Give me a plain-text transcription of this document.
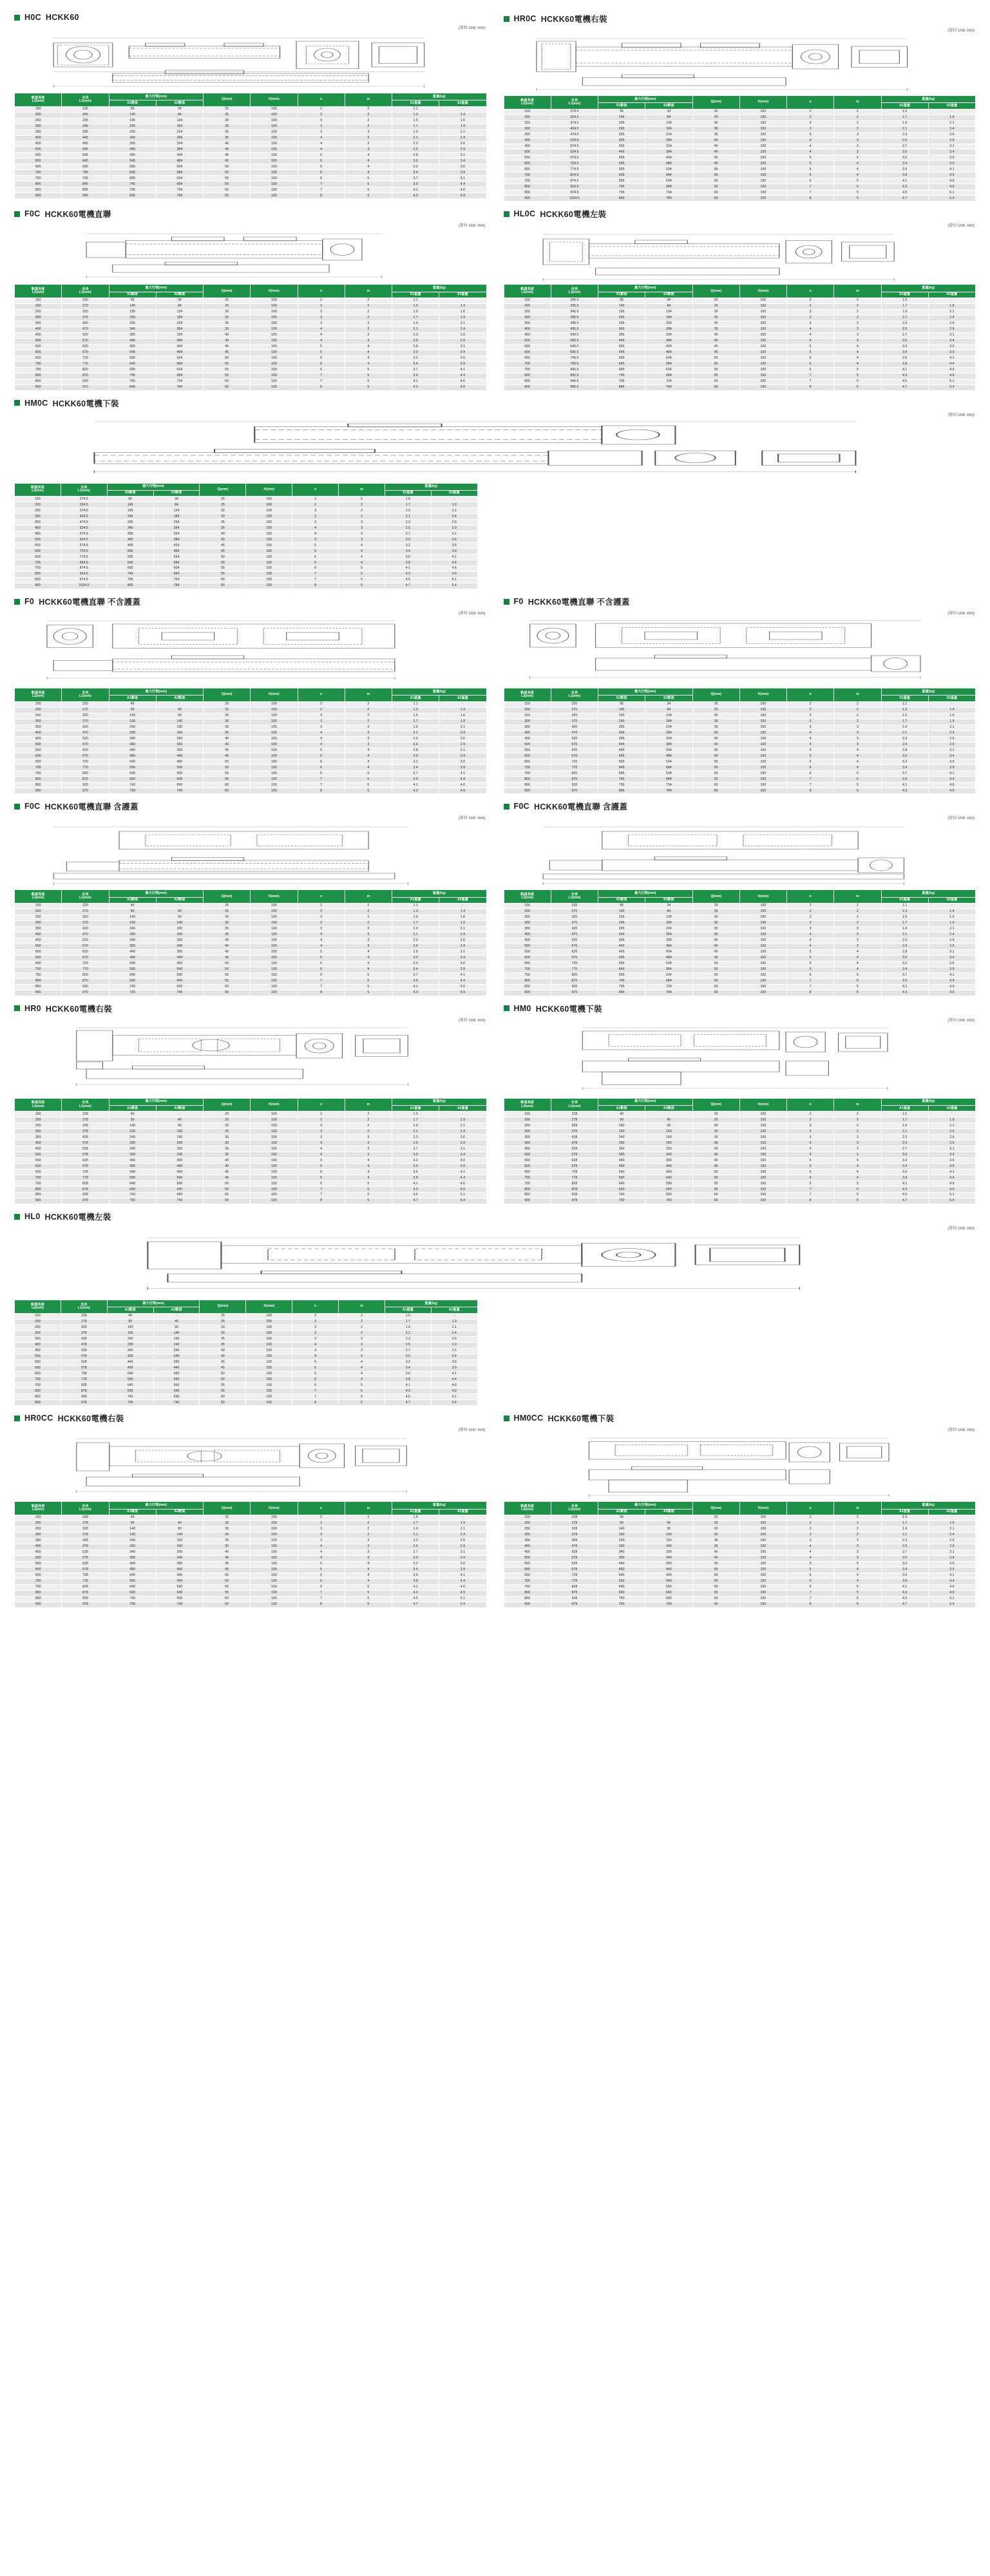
H0C HCKK60
(單位 Unit: mm)
軌道長度
L2(mm)	全長
L1(mm)	最大行程(mm)		Q(mm)	K(mm)	n	m	重量(kg)	
		S1數值	S2數值					S1重量	S2重量
150	195	95	34	25	100	2	2	1.1	-
200	245	145	84	25	100	2	2	1.3	1.4
250	295	195	134	30	100	3	2	1.5	1.6
300	345	245	184	30	100	3	2	1.7	1.9
350	395	295	234	35	100	3	3	1.9	2.1
400	445	345	284	35	100	4	3	2.1	2.4
450	495	395	334	40	100	4	3	2.3	2.6
500	545	445	384	40	100	4	3	2.6	2.9
550	595	495	434	45	100	5	4	2.8	3.1
600	645	545	484	45	100	5	4	3.0	3.4
650	695	595	534	50	100	6	4	3.2	3.6
700	745	645	584	50	100	6	4	3.4	3.9
750	795	695	634	55	100	6	5	3.7	4.1
800	845	745	684	55	100	7	5	3.9	4.4
850	895	795	734	60	100	7	5	4.1	4.6
900	945	845	784	60	100	8	5	4.3	4.9
HR0C HCKK60電機右裝
(單位 Unit: mm)
軌道長度
L2(mm)	全長
L1(mm)	最大行程(mm)		Q(mm)	K(mm)	n	m	重量(kg)	
		S1數值	S2數值					S1重量	S2重量
150	274.5	95	34	25	100	2	2	1.5	-
200	324.5	145	84	25	100	2	2	1.7	1.9
250	374.5	195	134	30	100	3	2	1.9	2.1
300	424.5	245	184	30	100	3	2	2.1	2.4
350	474.5	295	234	35	100	3	3	2.3	2.6
400	524.5	345	284	35	100	4	3	2.5	2.9
450	574.5	395	334	40	100	4	3	2.7	3.1
500	624.5	445	384	40	100	4	3	3.0	3.4
550	674.5	495	434	45	100	5	4	3.2	3.6
600	724.5	545	484	45	100	5	4	3.4	3.9
650	774.5	595	534	50	100	6	4	3.6	4.1
700	824.5	645	584	50	100	6	4	3.8	4.4
750	874.5	695	634	55	100	6	5	4.1	4.6
800	924.5	745	684	55	100	7	5	4.3	4.9
850	974.5	795	734	60	100	7	5	4.5	5.1
900	1024.5	845	784	60	100	8	5	4.7	5.4
F0C HCKK60電機直聯
(單位 Unit: mm)
軌道長度
L2(mm)	全長
L1(mm)	最大行程(mm)		Q(mm)	K(mm)	n	m	重量(kg)	
		S1數值	S2數值					S1重量	S2重量
150	220	95	34	25	100	2	2	1.1	-
200	270	145	84	25	100	2	2	1.3	1.4
250	320	195	134	30	100	3	2	1.5	1.6
300	370	245	184	30	100	3	2	1.7	1.9
350	420	295	234	35	100	3	3	1.9	2.1
400	470	345	284	35	100	4	3	2.1	2.4
450	520	395	334	40	100	4	3	2.3	2.6
500	570	445	384	40	100	4	3	2.6	2.9
550	620	495	434	45	100	5	4	2.8	3.1
600	670	545	484	45	100	5	4	3.0	3.4
650	720	595	534	50	100	6	4	3.2	3.6
700	770	645	584	50	100	6	4	3.4	3.9
750	820	695	634	55	100	6	5	3.7	4.1
800	870	745	684	55	100	7	5	3.9	4.4
850	920	795	734	60	100	7	5	4.1	4.6
900	970	845	784	60	100	8	5	4.3	4.9
HL0C HCKK60電機左裝
(單位 Unit: mm)
軌道長度
L2(mm)	全長
L1(mm)	最大行程(mm)		Q(mm)	K(mm)	n	m	重量(kg)	
		S1數值	S2數值					S1重量	S2重量
150	245.5	95	34	25	100	2	2	1.5	-
200	295.5	145	84	25	100	2	2	1.7	1.9
250	345.5	195	134	30	100	3	2	1.9	2.1
300	395.5	245	184	30	100	3	2	2.1	2.4
350	445.5	295	234	35	100	3	3	2.3	2.6
400	495.5	345	284	35	100	4	3	2.5	2.9
450	545.5	395	334	40	100	4	3	2.7	3.1
500	595.5	445	384	40	100	4	3	3.0	3.4
550	645.5	495	434	45	100	5	4	3.2	3.6
600	695.5	545	484	45	100	5	4	3.4	3.9
650	745.5	595	534	50	100	6	4	3.6	4.1
700	795.5	645	584	50	100	6	4	3.8	4.4
750	845.5	695	634	55	100	6	5	4.1	4.6
800	895.5	745	684	55	100	7	5	4.3	4.9
850	945.5	795	734	60	100	7	5	4.5	5.1
900	995.5	845	784	60	100	8	5	4.7	5.4
HM0C HCKK60電機下裝
(單位 Unit: mm)
軌道長度
L2(mm)	全長
L1(mm)	最大行程(mm)		Q(mm)	K(mm)	n	m	重量(kg)	
		S1數值	S2數值					S1重量	S2重量
150	274.5	95	34	25	100	2	2	1.5	-
200	324.5	145	84	25	100	2	2	1.7	1.9
250	374.5	195	134	30	100	3	2	1.9	2.1
300	424.5	245	184	30	100	3	2	2.1	2.4
350	474.5	295	234	35	100	3	3	2.3	2.6
400	524.5	345	284	35	100	4	3	2.5	2.9
450	574.5	395	334	40	100	4	3	2.7	3.1
500	624.5	445	384	40	100	4	3	3.0	3.4
550	674.5	495	434	45	100	5	4	3.2	3.6
600	724.5	545	484	45	100	5	4	3.4	3.9
650	774.5	595	534	50	100	6	4	3.6	4.1
700	824.5	645	584	50	100	6	4	3.8	4.4
750	874.5	695	634	55	100	6	5	4.1	4.6
800	924.5	745	684	55	100	7	5	4.3	4.9
850	974.5	795	734	60	100	7	5	4.5	5.1
900	1024.5	845	784	60	100	8	5	4.7	5.4
F0 HCKK60電機直聯 不含護蓋
(單位 Unit: mm)
軌道長度
L2(mm)	全長
L1(mm)	最大行程(mm)		Q(mm)	K(mm)	n	m	重量(kg)	
		A1數值	A2數值					A1重量	A2重量
150	220	40	-	25	100	2	2	1.1	-
200	270	90	40	25	100	2	2	1.3	1.4
250	320	140	90	30	100	3	2	1.5	1.6
300	370	190	140	30	100	3	2	1.7	1.9
350	420	240	190	35	100	3	3	1.9	2.1
400	470	290	240	35	100	4	3	2.1	2.4
450	520	340	290	40	100	4	3	2.3	2.6
500	570	390	340	40	100	4	3	2.6	2.9
550	620	440	390	45	100	5	4	2.8	3.1
600	670	490	440	45	100	5	4	3.0	3.4
650	720	540	490	50	100	6	4	3.2	3.6
700	770	590	540	50	100	6	4	3.4	3.9
750	820	640	590	55	100	6	5	3.7	4.1
800	870	690	640	55	100	7	5	3.9	4.4
850	920	740	690	60	100	7	5	4.1	4.6
900	970	790	740	60	100	8	5	4.3	4.9
F0 HCKK60電機直聯 不含護蓋
(單位 Unit: mm)
軌道長度
L2(mm)	全長
L1(mm)	最大行程(mm)		Q(mm)	K(mm)	n	m	重量(kg)	
		S1數值	S2數值					S1重量	S2重量
150	220	95	34	25	100	2	2	1.1	-
200	270	145	84	25	100	2	2	1.3	1.4
250	320	195	134	30	100	3	2	1.5	1.6
300	370	245	184	30	100	3	2	1.7	1.9
350	420	295	234	35	100	3	3	1.9	2.1
400	470	345	284	35	100	4	3	2.1	2.4
450	520	395	334	40	100	4	3	2.3	2.6
500	570	445	384	40	100	4	3	2.6	2.9
550	620	495	434	45	100	5	4	2.8	3.1
600	670	545	484	45	100	5	4	3.0	3.4
650	720	595	534	50	100	6	4	3.2	3.6
700	770	645	584	50	100	6	4	3.4	3.9
750	820	695	634	55	100	6	5	3.7	4.1
800	870	745	684	55	100	7	5	3.9	4.4
850	920	795	734	60	100	7	5	4.1	4.6
900	970	845	784	60	100	8	5	4.3	4.9
F0C HCKK60電機直聯 含護蓋
(單位 Unit: mm)
軌道長度
L2(mm)	全長
L1(mm)	最大行程(mm)		Q(mm)	K(mm)	n	m	重量(kg)	
		A1數值	A2數值					A1重量	A2重量
150	220	40	-	25	100	2	2	1.1	-
200	270	90	40	25	100	2	2	1.3	1.4
250	320	140	90	30	100	3	2	1.5	1.6
300	370	190	140	30	100	3	2	1.7	1.9
350	420	240	190	35	100	3	3	1.9	2.1
400	470	290	240	35	100	4	3	2.1	2.4
450	520	340	290	40	100	4	3	2.3	2.6
500	570	390	340	40	100	4	3	2.6	2.9
550	620	440	390	45	100	5	4	2.8	3.1
600	670	490	440	45	100	5	4	3.0	3.4
650	720	540	490	50	100	6	4	3.2	3.6
700	770	590	540	50	100	6	4	3.4	3.9
750	820	640	590	55	100	6	5	3.7	4.1
800	870	690	640	55	100	7	5	3.9	4.4
850	920	740	690	60	100	7	5	4.1	4.6
900	970	790	740	60	100	8	5	4.3	4.9
F0C HCKK60電機直聯 含護蓋
(單位 Unit: mm)
軌道長度
L2(mm)	全長
L1(mm)	最大行程(mm)		Q(mm)	K(mm)	n	m	重量(kg)	
		S1數值	S2數值					S1重量	S2重量
150	220	95	34	25	100	2	2	1.1	-
200	270	145	84	25	100	2	2	1.3	1.4
250	320	195	134	30	100	3	2	1.5	1.6
300	370	245	184	30	100	3	2	1.7	1.9
350	420	295	234	35	100	3	3	1.9	2.1
400	470	345	284	35	100	4	3	2.1	2.4
450	520	395	334	40	100	4	3	2.3	2.6
500	570	445	384	40	100	4	3	2.6	2.9
550	620	495	434	45	100	5	4	2.8	3.1
600	670	545	484	45	100	5	4	3.0	3.4
650	720	595	534	50	100	6	4	3.2	3.6
700	770	645	584	50	100	6	4	3.4	3.9
750	820	695	634	55	100	6	5	3.7	4.1
800	870	745	684	55	100	7	5	3.9	4.4
850	920	795	734	60	100	7	5	4.1	4.6
900	970	845	784	60	100	8	5	4.3	4.9
HR0 HCKK60電機右裝
(單位 Unit: mm)
軌道長度
L2(mm)	全長
L1(mm)	最大行程(mm)		Q(mm)	K(mm)	n	m	重量(kg)	
		A1數值	A2數值					A1重量	A2重量
150	228	40	-	20	100	2	2	1.5	-
200	278	90	40	20	100	2	2	1.7	1.9
250	328	140	90	25	100	3	2	1.9	2.1
300	378	190	140	25	100	3	2	2.1	2.4
350	428	240	190	30	100	3	3	2.3	2.6
400	478	290	240	30	100	4	3	2.5	2.9
450	528	340	290	35	100	4	3	2.7	3.1
500	578	390	340	35	100	4	3	3.0	3.4
550	628	440	390	40	100	5	4	3.2	3.6
600	678	490	440	40	100	5	4	3.4	3.9
650	728	540	490	45	100	6	4	3.6	4.1
700	778	590	540	45	100	6	4	3.8	4.4
750	828	640	590	50	100	6	5	4.1	4.6
800	878	690	640	50	100	7	5	4.3	4.9
850	928	740	690	55	100	7	5	4.5	5.1
900	978	790	740	55	100	8	5	4.7	5.4
HM0 HCKK60電機下裝
(單位 Unit: mm)
軌道長度
L2(mm)	全長
L1(mm)	最大行程(mm)		Q(mm)	K(mm)	n	m	重量(kg)	
		A1數值	A2數值					A1重量	A2重量
150	228	40	-	25	100	2	2	1.5	-
200	278	90	40	25	100	2	2	1.7	1.9
250	328	140	90	30	100	3	2	1.9	2.1
300	378	190	140	30	100	3	2	2.1	2.4
350	428	240	190	35	100	3	3	2.3	2.6
400	478	290	240	35	100	4	3	2.5	2.9
450	528	340	290	40	100	4	3	2.7	3.1
500	578	390	340	40	100	4	3	3.0	3.4
550	628	440	390	45	100	5	4	3.2	3.6
600	678	490	440	45	100	5	4	3.4	3.9
650	728	540	490	50	100	6	4	3.6	4.1
700	778	590	540	50	100	6	4	3.8	4.4
750	828	640	590	55	100	6	5	4.1	4.6
800	878	690	640	55	100	7	5	4.3	4.9
850	928	740	690	60	100	7	5	4.5	5.1
900	978	790	740	60	100	8	5	4.7	5.4
HL0 HCKK60電機左裝
(單位 Unit: mm)
軌道長度
L2(mm)	全長
L1(mm)	最大行程(mm)		Q(mm)	K(mm)	n	m	重量(kg)	
		A1數值	A2數值					A1重量	A2重量
150	228	40	-	25	100	2	2	1.5	-
200	278	90	40	25	100	2	2	1.7	1.9
250	328	140	90	30	100	3	2	1.9	2.1
300	378	190	140	30	100	3	2	2.1	2.4
350	428	240	190	35	100	3	3	2.3	2.6
400	478	290	240	35	100	4	3	2.5	2.9
450	528	340	290	40	100	4	3	2.7	3.1
500	578	390	340	40	100	4	3	3.0	3.4
550	628	440	390	45	100	5	4	3.2	3.6
600	678	490	440	45	100	5	4	3.4	3.9
650	728	540	490	50	100	6	4	3.6	4.1
700	778	590	540	50	100	6	4	3.8	4.4
750	828	640	590	55	100	6	5	4.1	4.6
800	878	690	640	55	100	7	5	4.3	4.9
850	928	740	690	60	100	7	5	4.5	5.1
900	978	790	740	60	100	8	5	4.7	5.4
HR0CC HCKK60電機右裝
(單位 Unit: mm)
軌道長度
L2(mm)	全長
L1(mm)	最大行程(mm)		Q(mm)	K(mm)	n	m	重量(kg)	
		A1數值	A2數值					A1重量	A2重量
150	228	40	-	25	100	2	2	1.5	-
200	278	90	40	25	100	2	2	1.7	1.9
250	328	140	90	30	100	3	2	1.9	2.1
300	378	190	140	30	100	3	2	2.1	2.4
350	428	240	190	35	100	3	3	2.3	2.6
400	478	290	240	35	100	4	3	2.5	2.9
450	528	340	290	40	100	4	3	2.7	3.1
500	578	390	340	40	100	4	3	3.0	3.4
550	628	440	390	45	100	5	4	3.2	3.6
600	678	490	440	45	100	5	4	3.4	3.9
650	728	540	490	50	100	6	4	3.6	4.1
700	778	590	540	50	100	6	4	3.8	4.4
750	828	640	590	55	100	6	5	4.1	4.6
800	878	690	640	55	100	7	5	4.3	4.9
850	928	740	690	60	100	7	5	4.5	5.1
900	978	790	740	60	100	8	5	4.7	5.4
HM0CC HCKK60電機下裝
(單位 Unit: mm)
軌道長度
L2(mm)	全長
L1(mm)	最大行程(mm)		Q(mm)	K(mm)	n	m	重量(kg)	
		A1數值	A2數值					A1重量	A2重量
150	228	40	-	25	100	2	2	1.5	-
200	278	90	40	25	100	2	2	1.7	1.9
250	328	140	90	30	100	3	2	1.9	2.1
300	378	190	140	30	100	3	2	2.1	2.4
350	428	240	190	35	100	3	3	2.3	2.6
400	478	290	240	35	100	4	3	2.5	2.9
450	528	340	290	40	100	4	3	2.7	3.1
500	578	390	340	40	100	4	3	3.0	3.4
550	628	440	390	45	100	5	4	3.2	3.6
600	678	490	440	45	100	5	4	3.4	3.9
650	728	540	490	50	100	6	4	3.6	4.1
700	778	590	540	50	100	6	4	3.8	4.4
750	828	640	590	55	100	6	5	4.1	4.6
800	878	690	640	55	100	7	5	4.3	4.9
850	928	740	690	60	100	7	5	4.5	5.1
900	978	790	740	60	100	8	5	4.7	5.4
